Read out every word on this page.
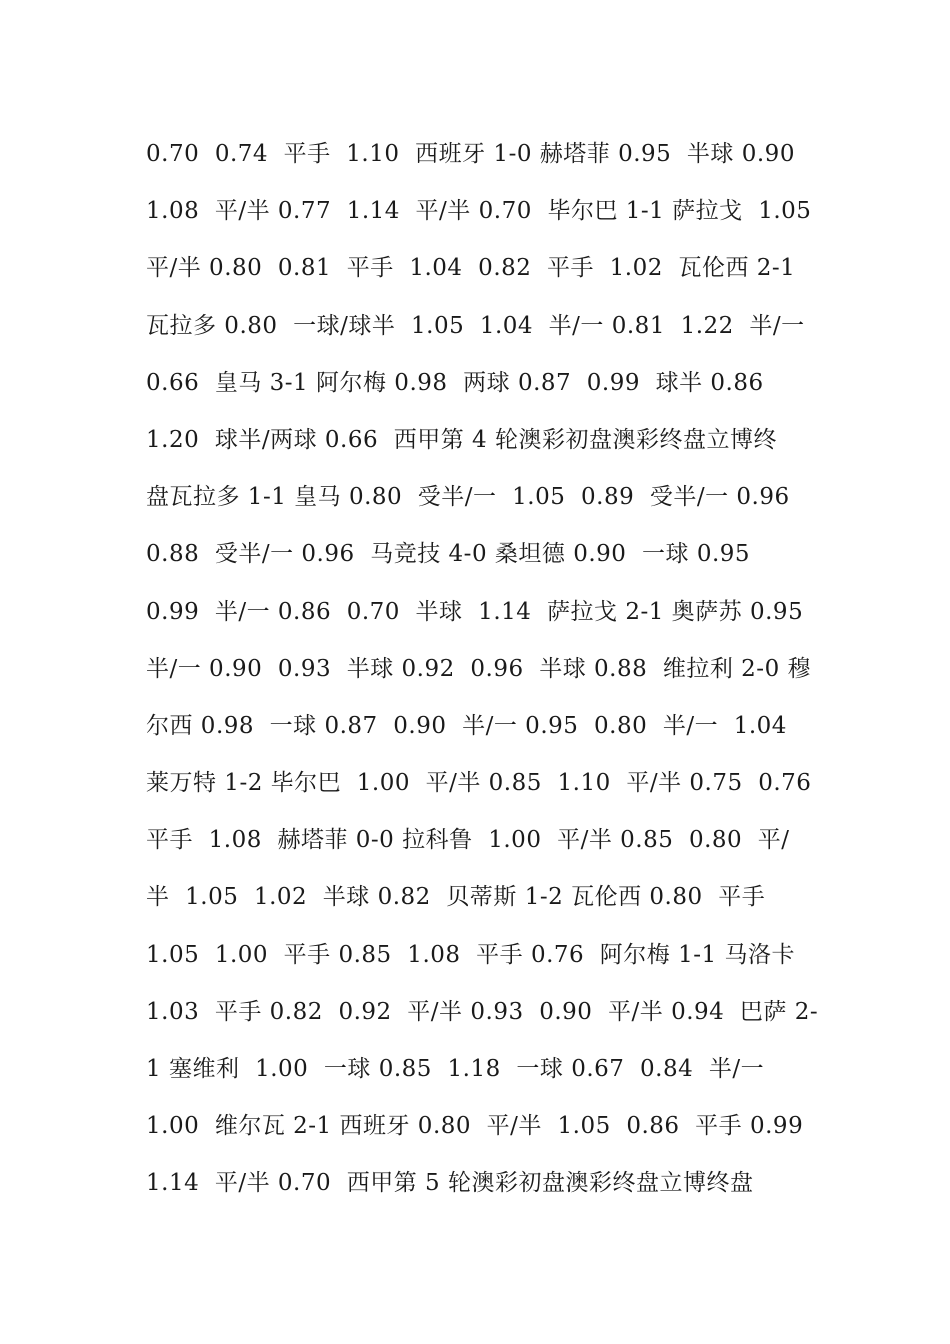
0.70  0.74  平手  1.10  西班牙 1-0 赫塔菲 0.95  半球 0.90
1.08  平/半 0.77  1.14  平/半 0.70  毕尔巴 1-1 萨拉戈  1.05
平/半 0.80  0.81  平手  1.04  0.82  平手  1.02  瓦伦西 2-1
瓦拉多 0.80  一球/球半  1.05  1.04  半/一 0.81  1.22  半/一
0.66  皇马 3-1 阿尔梅 0.98  两球 0.87  0.99  球半 0.86
1.20  球半/两球 0.66  西甲第 4 轮澳彩初盘澳彩终盘立博终
盘瓦拉多 1-1 皇马 0.80  受半/一  1.05  0.89  受半/一 0.96
0.88  受半/一 0.96  马竞技 4-0 桑坦德 0.90  一球 0.95
0.99  半/一 0.86  0.70  半球  1.14  萨拉戈 2-1 奥萨苏 0.95
半/一 0.90  0.93  半球 0.92  0.96  半球 0.88  维拉利 2-0 穆
尔西 0.98  一球 0.87  0.90  半/一 0.95  0.80  半/一  1.04
莱万特 1-2 毕尔巴  1.00  平/半 0.85  1.10  平/半 0.75  0.76
平手  1.08  赫塔菲 0-0 拉科鲁  1.00  平/半 0.85  0.80  平/
半  1.05  1.02  半球 0.82  贝蒂斯 1-2 瓦伦西 0.80  平手
1.05  1.00  平手 0.85  1.08  平手 0.76  阿尔梅 1-1 马洛卡
1.03  平手 0.82  0.92  平/半 0.93  0.90  平/半 0.94  巴萨 2-
1 塞维利  1.00  一球 0.85  1.18  一球 0.67  0.84  半/一
1.00  维尔瓦 2-1 西班牙 0.80  平/半  1.05  0.86  平手 0.99
1.14  平/半 0.70  西甲第 5 轮澳彩初盘澳彩终盘立博终盘
